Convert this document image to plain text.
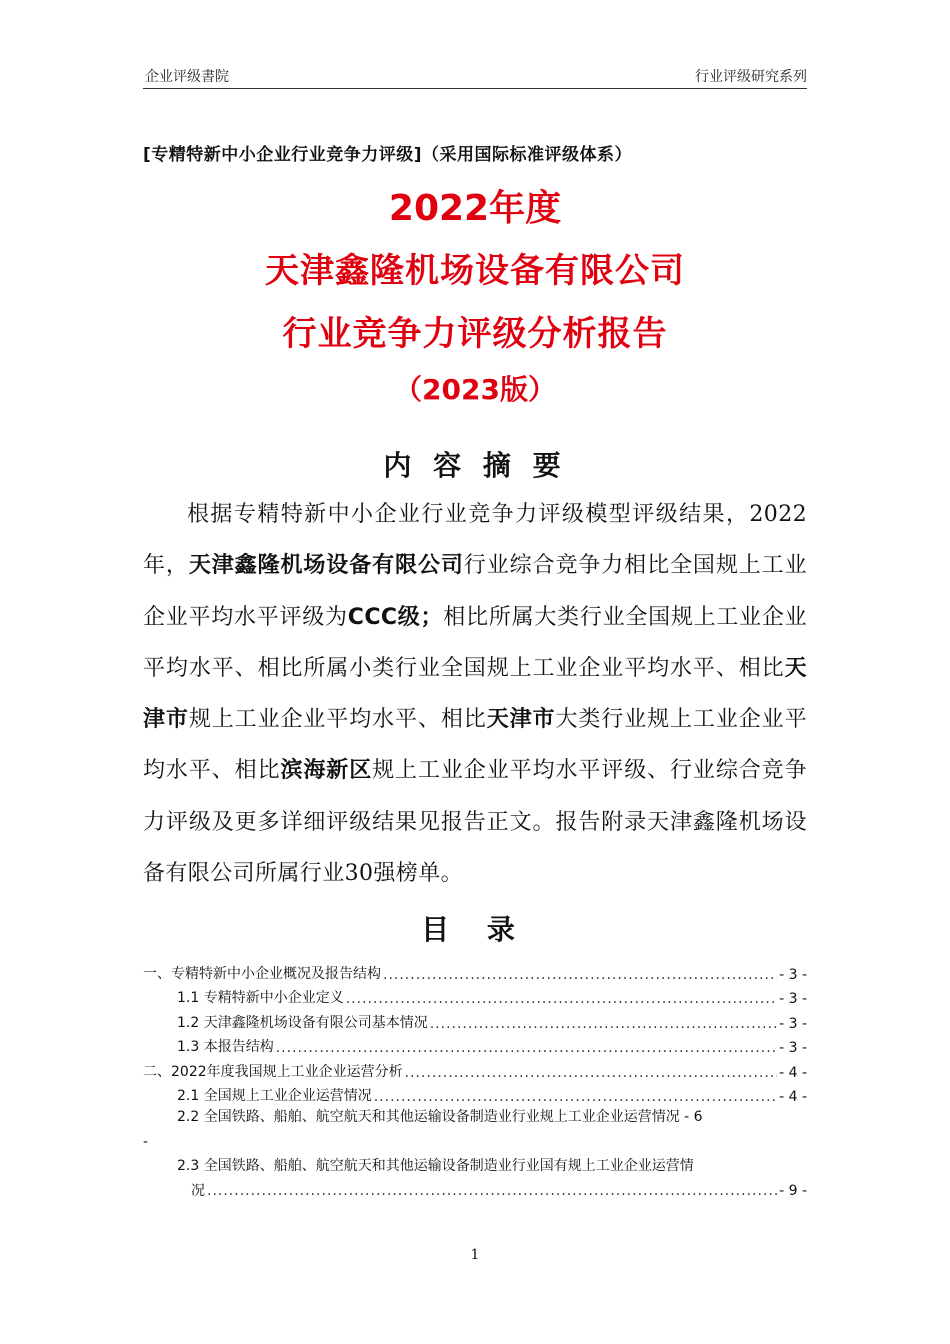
企业评级書院	行业评级研究系列
[专精特新中小企业行业竞争力评级]（采用国际标准评级体系）
2022年度
天津鑫隆机场设备有限公司
行业竞争力评级分析报告
（2023版）
内 容 摘 要
根据专精特新中小企业行业竞争力评级模型评级结果，2022年，天津鑫隆机场设备有限公司行业综合竞争力相比全国规上工业企业平均水平评级为CCC级；相比所属大类行业全国规上工业企业平均水平、相比所属小类行业全国规上工业企业平均水平、相比天津市规上工业企业平均水平、相比天津市大类行业规上工业企业平均水平、相比滨海新区规上工业企业平均水平评级、行业综合竞争力评级及更多详细评级结果见报告正文。报告附录天津鑫隆机场设备有限公司所属行业30强榜单。
目 录
一、专精特新中小企业概况及报告结构 .....	- 3 -
1.1 专精特新中小企业定义 .....	- 3 -
1.2 天津鑫隆机场设备有限公司基本情况 .....	- 3 -
1.3 本报告结构 .....	- 3 -
二、2022年度我国规上工业企业运营分析 .....	- 4 -
2.1 全国规上工业企业运营情况 .....	- 4 -
2.2 全国铁路、船舶、航空航天和其他运输设备制造业行业规上工业企业运营情况 - 6
-
2.3 全国铁路、船舶、航空航天和其他运输设备制造业行业国有规上工业企业运营情
况 .....	- 9 -
1
